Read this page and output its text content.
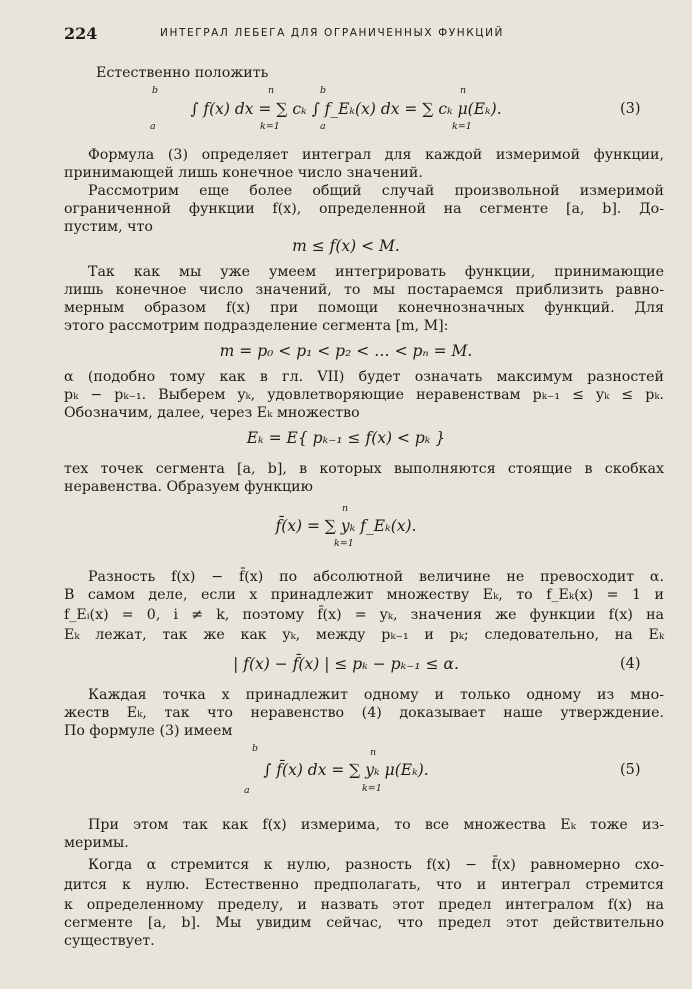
224	ИНТЕГРАЛ ЛЕБЕГА ДЛЯ ОГРАНИЧЕННЫХ ФУНКЦИЙ
Естественно положить
b	n	b	n
∫ f(x) dx = ∑ cₖ ∫ f_Eₖ(x) dx = ∑ cₖ μ(Eₖ).	(3)
a	k=1	a	k=1
Формула (3) определяет интеграл для каждой измеримой функции,
принимающей лишь конечное число значений.
Рассмотрим еще более общий случай произвольной измеримой
ограниченной функции f(x), определенной на сегменте [a, b]. До-
пустим, что
m ≤ f(x) < M.
Так как мы уже умеем интегрировать функции, принимающие
лишь конечное число значений, то мы постараемся приблизить равно-
мерным образом f(x) при помощи конечнозначных функций. Для
этого рассмотрим подразделение сегмента [m, M]:
m = p₀ < p₁ < p₂ < … < pₙ = M.
α (подобно тому как в гл. VII) будет означать максимум разностей
pₖ − pₖ₋₁. Выберем yₖ, удовлетворяющие неравенствам pₖ₋₁ ≤ yₖ ≤ pₖ.
Обозначим, далее, через Eₖ множество
Eₖ = E{ pₖ₋₁ ≤ f(x) < pₖ }
тех точек сегмента [a, b], в которых выполняются стоящие в скобках
неравенства. Образуем функцию
n
f̄(x) = ∑ yₖ f_Eₖ(x).
k=1
Разность f(x) − f̄(x) по абсолютной величине не превосходит α.
В самом деле, если x принадлежит множеству Eₖ, то f_Eₖ(x) = 1 и
f_Eᵢ(x) = 0, i ≠ k, поэтому f̄(x) = yₖ, значения же функции f(x) на
Eₖ лежат, так же как yₖ, между pₖ₋₁ и pₖ; следовательно, на Eₖ
| f(x) − f̄(x) | ≤ pₖ − pₖ₋₁ ≤ α.	(4)
Каждая точка x принадлежит одному и только одному из мно-
жеств Eₖ, так что неравенство (4) доказывает наше утверждение.
По формуле (3) имеем
b	n
∫ f̄(x) dx = ∑ yₖ μ(Eₖ).	(5)
a	k=1
При этом так как f(x) измерима, то все множества Eₖ тоже из-
меримы.
Когда α стремится к нулю, разность f(x) − f̄(x) равномерно схо-
дится к нулю. Естественно предполагать, что и интеграл стремится
к определенному пределу, и назвать этот предел интегралом f(x) на
сегменте [a, b]. Мы увидим сейчас, что предел этот действительно
существует.
